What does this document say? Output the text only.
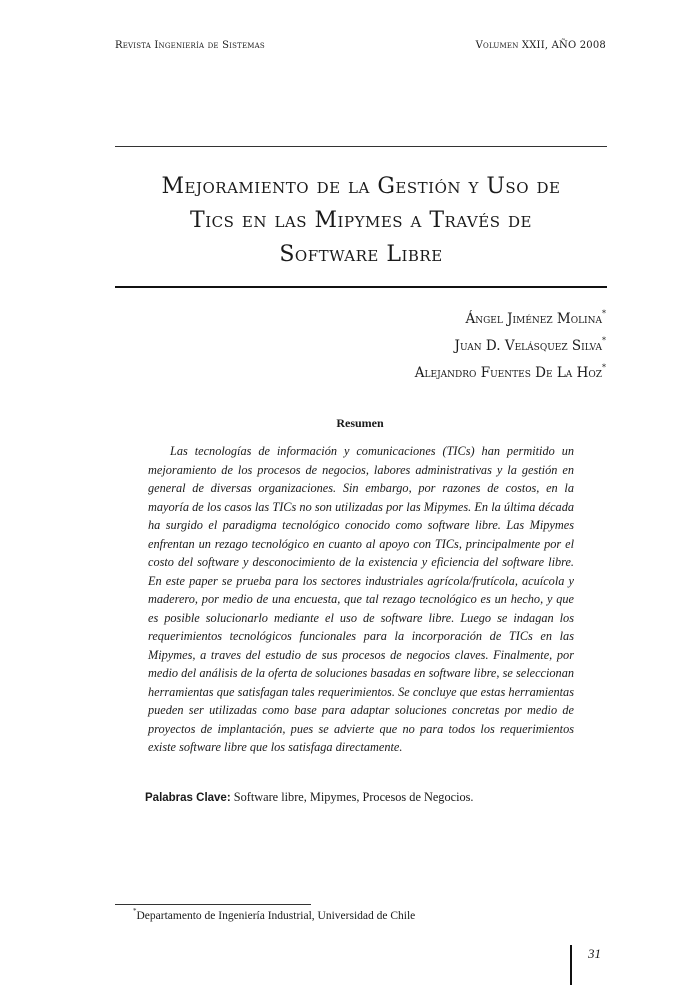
Revista Ingeniería de Sistemas	Volumen XXII, AÑO 2008
Mejoramiento de la Gestión y Uso de
Tics en las Mipymes a Través de
Software Libre
Ángel Jiménez Molina*
Juan D. Velásquez Silva*
Alejandro Fuentes De La Hoz*
Resumen

Las tecnologías de información y comunicaciones (TICs) han permitido un mejoramiento de los procesos de negocios, labores administrativas y la gestión en general de diversas organizaciones. Sin embargo, por razones de costos, en la mayoría de los casos las TICs no son utilizadas por las Mipymes. En la última década ha surgido el paradigma tecnológico conocido como software libre. Las Mipymes enfrentan un rezago tecnológico en cuanto al apoyo con TICs, principalmente por el costo del software y desconocimiento de la existencia y eficiencia del software libre. En este paper se prueba para los sectores industriales agrícola/frutícola, acuícola y maderero, por medio de una encuesta, que tal rezago tecnológico es un hecho, y que es posible solucionarlo mediante el uso de software libre. Luego se indagan los requerimientos tecnológicos funcionales para la incorporación de TICs en las Mipymes, a traves del estudio de sus procesos de negocios claves. Finalmente, por medio del análisis de la oferta de soluciones basadas en software libre, se seleccionan herramientas que satisfagan tales requerimientos. Se concluye que estas herramientas pueden ser utilizadas como base para adaptar soluciones concretas por medio de proyectos de implantación, pues se advierte que no para todos los requerimientos existe software libre que los satisfaga directamente.

Palabras Clave: Software libre, Mipymes, Procesos de Negocios.
*Departamento de Ingeniería Industrial, Universidad de Chile
31
